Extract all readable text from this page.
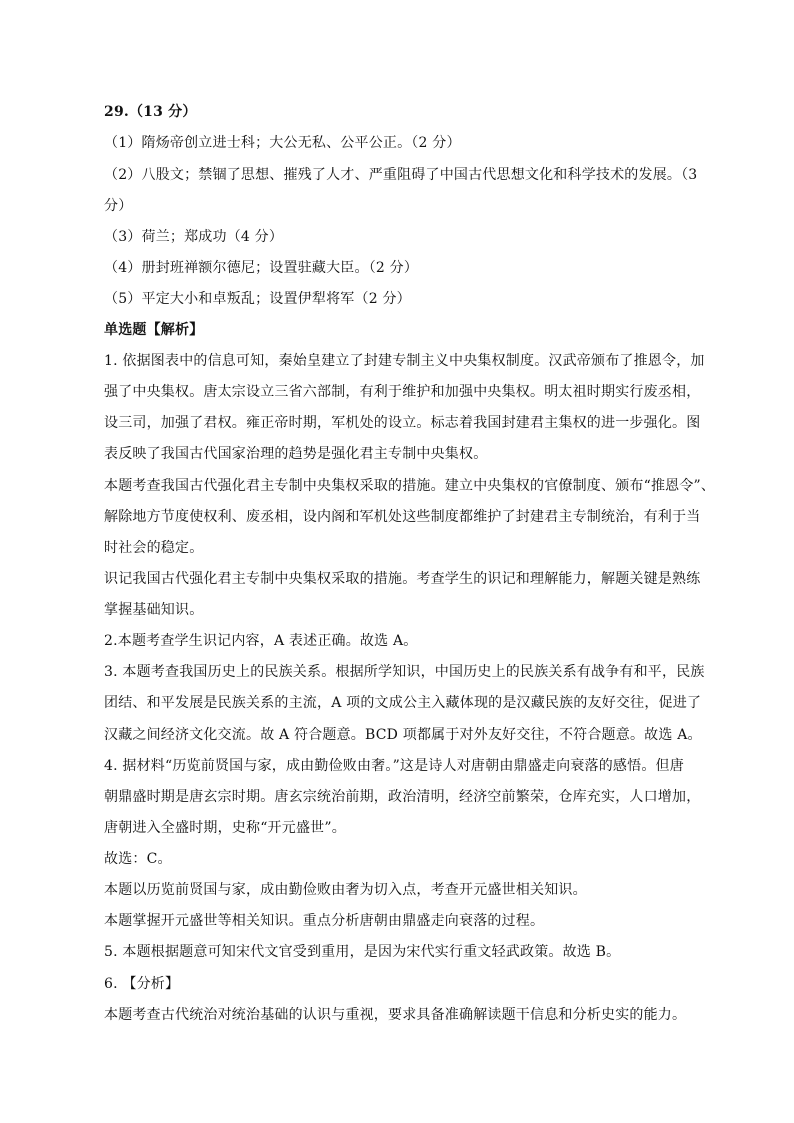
29.（13 分）
（1）隋炀帝创立进士科；大公无私、公平公正。（2 分）
（2）八股文；禁锢了思想、摧残了人才、严重阻碍了中国古代思想文化和科学技术的发展。（3
分）
（3）荷兰；郑成功（4 分）
（4）册封班禅额尔德尼；设置驻藏大臣。（2 分）
（5）平定大小和卓叛乱；设置伊犁将军（2 分）
单选题【解析】
1. 依据图表中的信息可知，秦始皇建立了封建专制主义中央集权制度。汉武帝颁布了推恩令，加
强了中央集权。唐太宗设立三省六部制，有利于维护和加强中央集权。明太祖时期实行废丞相，
设三司，加强了君权。雍正帝时期，军机处的设立。标志着我国封建君主集权的进一步强化。图
表反映了我国古代国家治理的趋势是强化君主专制中央集权。
本题考查我国古代强化君主专制中央集权采取的措施。建立中央集权的官僚制度、颁布“推恩令”、
解除地方节度使权利、废丞相，设内阁和军机处这些制度都维护了封建君主专制统治，有利于当
时社会的稳定。
识记我国古代强化君主专制中央集权采取的措施。考查学生的识记和理解能力，解题关键是熟练
掌握基础知识。
2.本题考查学生识记内容，A 表述正确。故选 A。
3. 本题考查我国历史上的民族关系。根据所学知识，中国历史上的民族关系有战争有和平，民族
团结、和平发展是民族关系的主流，A 项的文成公主入藏体现的是汉藏民族的友好交往，促进了
汉藏之间经济文化交流。故 A 符合题意。BCD 项都属于对外友好交往，不符合题意。故选 A。
4. 据材料“历览前贤国与家，成由勤俭败由奢。”这是诗人对唐朝由鼎盛走向衰落的感悟。但唐
朝鼎盛时期是唐玄宗时期。唐玄宗统治前期，政治清明，经济空前繁荣，仓库充实，人口增加，
唐朝进入全盛时期，史称“开元盛世”。
故选：C。
本题以历览前贤国与家，成由勤俭败由奢为切入点，考查开元盛世相关知识。
本题掌握开元盛世等相关知识。重点分析唐朝由鼎盛走向衰落的过程。
5. 本题根据题意可知宋代文官受到重用，是因为宋代实行重文轻武政策。故选 B。
6. 【分析】
本题考查古代统治对统治基础的认识与重视，要求具备准确解读题干信息和分析史实的能力。
